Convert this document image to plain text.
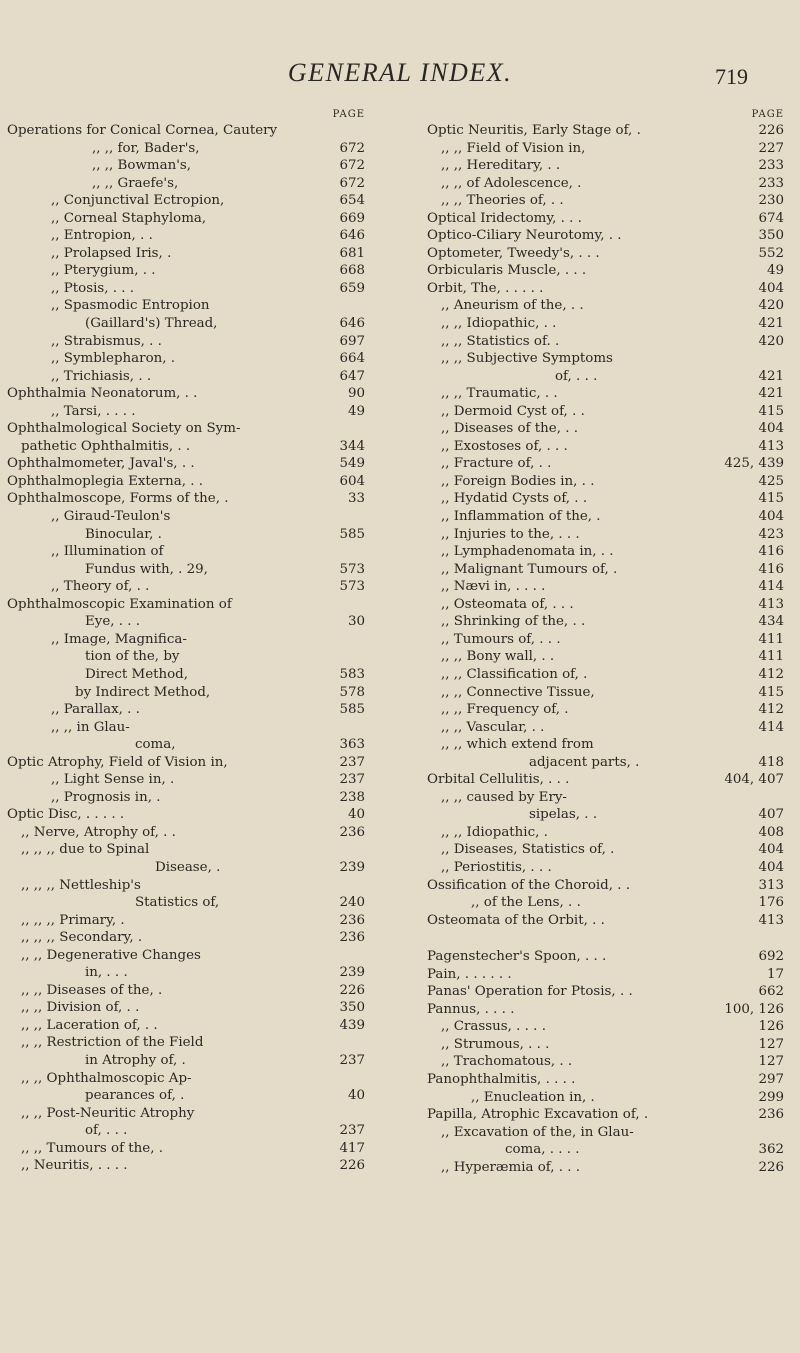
GENERAL INDEX.	719
PAGE
Operations for Conical Cornea, Cautery
,, ,, for, Bader's,	672
,, ,, Bowman's,	672
,, ,, Graefe's,	672
,, Conjunctival Ectropion,	654
,, Corneal Staphyloma,	669
,, Entropion, . .	646
,, Prolapsed Iris, .	681
,, Pterygium, . .	668
,, Ptosis, . . .	659
,, Spasmodic Entropion
(Gaillard's) Thread,	646
,, Strabismus, . .	697
,, Symblepharon, .	664
,, Trichiasis, . .	647
Ophthalmia Neonatorum, . .	90
,, Tarsi, . . . .	49
Ophthalmological Society on Sym-
pathetic Ophthalmitis, . .	344
Ophthalmometer, Javal's, . .	549
Ophthalmoplegia Externa, . .	604
Ophthalmoscope, Forms of the, .	33
,, Giraud-Teulon's
Binocular, .	585
,, Illumination of
Fundus with, . 29,	573
,, Theory of, . .	573
Ophthalmoscopic Examination of
Eye, . . .	30
,, Image, Magnifica-
tion of the, by
Direct Method,	583
by Indirect Method,	578
,, Parallax, . .	585
,, ,, in Glau-
coma,	363
Optic Atrophy, Field of Vision in,	237
,, Light Sense in, .	237
,, Prognosis in, .	238
Optic Disc, . . . . .	40
,, Nerve, Atrophy of, . .	236
,, ,, ,, due to Spinal
Disease, .	239
,, ,, ,, Nettleship's
Statistics of,	240
,, ,, ,, Primary, .	236
,, ,, ,, Secondary, .	236
,, ,, Degenerative Changes
in, . . .	239
,, ,, Diseases of the, .	226
,, ,, Division of, . .	350
,, ,, Laceration of, . .	439
,, ,, Restriction of the Field
in Atrophy of, .	237
,, ,, Ophthalmoscopic Ap-
pearances of, .	40
,, ,, Post-Neuritic Atrophy
of, . . .	237
,, ,, Tumours of the, .	417
,, Neuritis, . . . .	226
PAGE
Optic Neuritis, Early Stage of, .	226
,, ,, Field of Vision in,	227
,, ,, Hereditary, . .	233
,, ,, of Adolescence, .	233
,, ,, Theories of, . .	230
Optical Iridectomy, . . .	674
Optico-Ciliary Neurotomy, . .	350
Optometer, Tweedy's, . . .	552
Orbicularis Muscle, . . .	49
Orbit, The, . . . . .	404
,, Aneurism of the, . .	420
,, ,, Idiopathic, . .	421
,, ,, Statistics of. .	420
,, ,, Subjective Symptoms
of, . . .	421
,, ,, Traumatic, . .	421
,, Dermoid Cyst of, . .	415
,, Diseases of the, . .	404
,, Exostoses of, . . .	413
,, Fracture of, . .	425, 439
,, Foreign Bodies in, . .	425
,, Hydatid Cysts of, . .	415
,, Inflammation of the, .	404
,, Injuries to the, . . .	423
,, Lymphadenomata in, . .	416
,, Malignant Tumours of, .	416
,, Nævi in, . . . .	414
,, Osteomata of, . . .	413
,, Shrinking of the, . .	434
,, Tumours of, . . .	411
,, ,, Bony wall, . .	411
,, ,, Classification of, .	412
,, ,, Connective Tissue,	415
,, ,, Frequency of, .	412
,, ,, Vascular, . .	414
,, ,, which extend from
adjacent parts, .	418
Orbital Cellulitis, . . .	404, 407
,, ,, caused by Ery-
sipelas, . .	407
,, ,, Idiopathic, .	408
,, Diseases, Statistics of, .	404
,, Periostitis, . . .	404
Ossification of the Choroid, . .	313
,, of the Lens, . .	176
Osteomata of the Orbit, . .	413
Pagenstecher's Spoon, . . .	692
Pain, . . . . . .	17
Panas' Operation for Ptosis, . .	662
Pannus, . . . .	100, 126
,, Crassus, . . . .	126
,, Strumous, . . .	127
,, Trachomatous, . .	127
Panophthalmitis, . . . .	297
,, Enucleation in, .	299
Papilla, Atrophic Excavation of, .	236
,, Excavation of the, in Glau-
coma, . . . .	362
,, Hyperæmia of, . . .	226
